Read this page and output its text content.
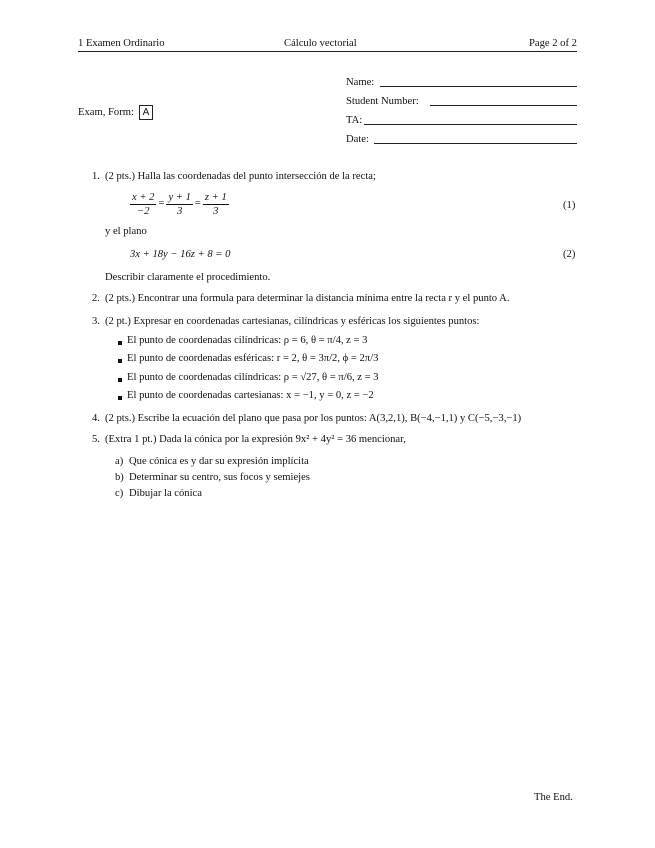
1 Examen Ordinario	Cálculo vectorial	Page 2 of 2
Exam, Form: A
Name:
Student Number:
TA:
Date:
1. (2 pts.) Halla las coordenadas del punto intersección de la recta;
$\frac{x + 2}{-2} = \frac{y + 1}{3} = \frac{z + 1}{3}$	(1)
y el plano
3x + 18y − 16z + 8 = 0	(2)
Describir claramente el procedimiento.
2. (2 pts.) Encontrar una formula para determinar la distancia mínima entre la recta r y el punto A.
3. (2 pt.) Expresar en coordenadas cartesianas, cilíndricas y esféricas los siguientes puntos:
El punto de coordenadas cilíndricas: ρ = 6, θ = π/4, z = 3
El punto de coordenadas esféricas: r = 2, θ = 3π/2, ϕ = 2π/3
El punto de coordenadas cilíndricas: ρ = √27, θ = π/6, z = 3
El punto de coordenadas cartesianas: x = −1, y = 0, z = −2
4. (2 pts.) Escribe la ecuación del plano que pasa por los puntos: A(3,2,1), B(−4,−1,1) y C(−5,−3,−1)
5. (Extra 1 pt.) Dada la cónica por la expresión 9x² + 4y² = 36 mencionar,
a) Que cónica es y dar su expresión implícita
b) Determinar su centro, sus focos y semiejes
c) Dibujar la cónica
The End.
